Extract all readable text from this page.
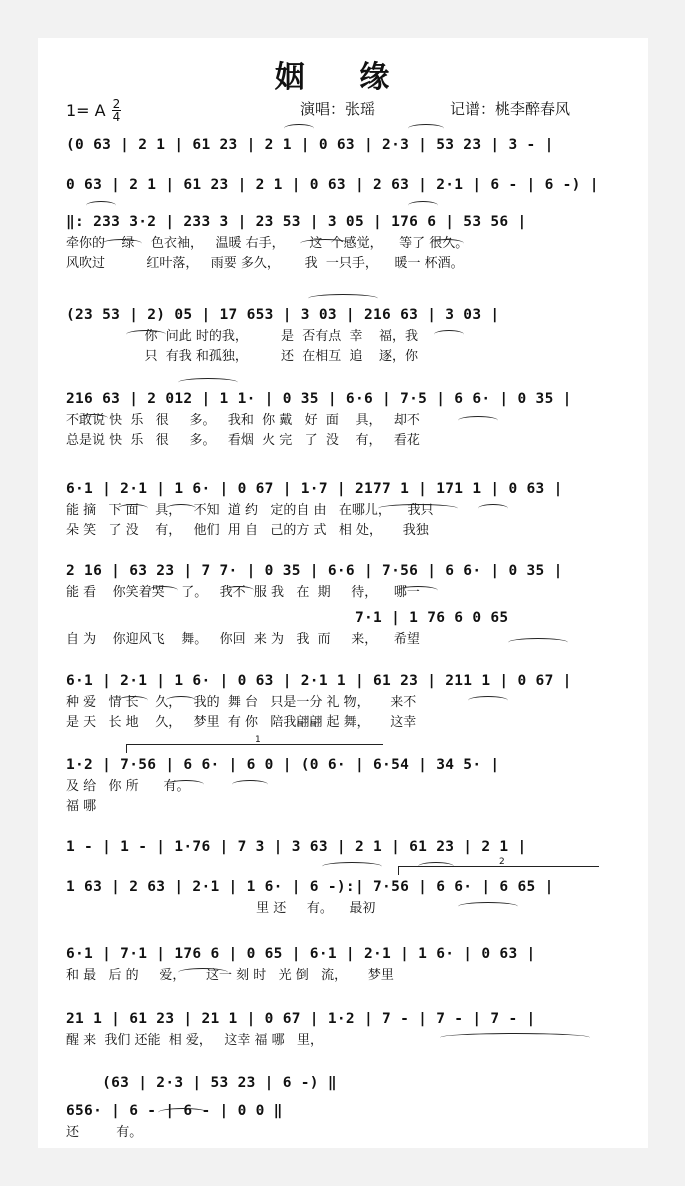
姻 缘
1= A $\frac{2}{4}$	演唱：张瑶	记谱：桃李醉春风
(0 63 | 2 1 | 61 23 | 2 1 | 0 63 | 2·3 | 53 23 | 3 - |
0 63 | 2 1 | 61 23 | 2 1 | 0 63 | 2 63 | 2·1 | 6 - | 6 -) |
‖: 233 3·2 | 233 3 | 23 53 | 3 05 | 176 6 | 53 56 |
牵你的    绿    色衣袖，   温暖 右手，      这  个感觉，    等了 很久。
风吹过          红叶落，   雨要 多久，      我  一只手，    暖一 杯酒。
(23 53 | 2) 05 | 17 653 | 3 03 | 216 63 | 3 03 |
你  问此 时的我，        是  否有点  幸    福，我
只  有我 和孤独，        还  在相互  追    逐，你
216 63 | 2 012 | 1 1· | 0 35 | 6·6 | 7·5 | 6 6· | 0 35 |
不敢说 快  乐   很     多。   我和  你 戴   好  面    具，   却不
总是说 快  乐   很     多。   看烟  火 完   了  没    有，   看花
6·1 | 2·1 | 1 6· | 0 67 | 1·7 | 2177 1 | 171 1 | 0 63 |
能 摘   下 面    具，   不知  道 约   定的自 由   在哪儿，    我只
朵 笑   了 没    有，   他们  用 自   己的方 式   相 处，     我独
2 16 | 63 23 | 7 7· | 0 35 | 6·6 | 7·56 | 6 6· | 0 35 |
能 看    你笑着哭    了。   我不  服 我   在  期     待，    哪一
7·1 | 1 76 6 0 65
自 为    你迎风飞    舞。   你回  来 为   我  而     来，    希望
6·1 | 2·1 | 1 6· | 0 63 | 2·1 1 | 61 23 | 211 1 | 0 67 |
种 爱   情 长    久，   我的  舞 台   只是一分 礼 物，     来不
是 天   长 地    久，   梦里  有 你   陪我翩翩 起 舞，     这幸
1·2 | 7·56 | 6 6· | 6 0 | (0 6· | 6·54 | 34 5· |
及 给   你 所      有。
福 哪
1 - | 1 - | 1·76 | 7 3 | 3 63 | 2 1 | 61 23 | 2 1 |
1 63 | 2 63 | 2·1 | 1 6· | 6 -):| 7·56 | 6 6· | 6 65 |
里 还     有。    最初
6·1 | 7·1 | 176 6 | 0 65 | 6·1 | 2·1 | 1 6· | 0 63 |
和 最   后 的     爱，     这一 刻 时   光 倒   流，     梦里
21 1 | 61 23 | 21 1 | 0 67 | 1·2 | 7 - | 7 - | 7 - |
醒 来  我们 还能  相 爱，   这幸 福 哪   里，
(63 | 2·3 | 53 23 | 6 -) ‖
656· | 6 - | 6 - | 0 0 ‖
还         有。
1
2
